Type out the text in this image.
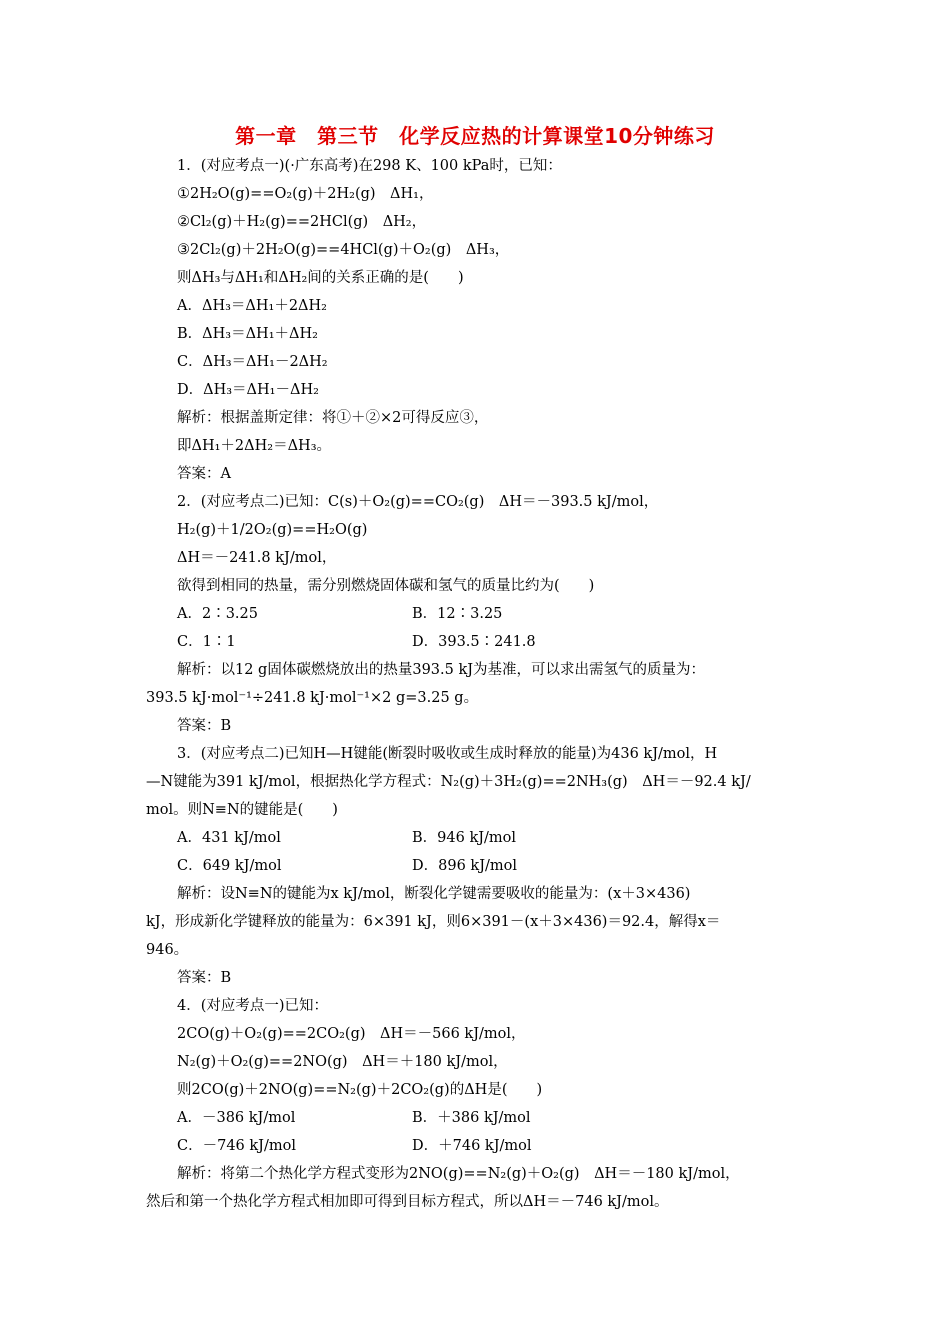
第一章　第三节　化学反应热的计算课堂10分钟练习
1．(对应考点一)(·广东高考)在298 K、100 kPa时，已知：
①2H₂O(g)==O₂(g)＋2H₂(g)　ΔH₁，
②Cl₂(g)＋H₂(g)==2HCl(g)　ΔH₂，
③2Cl₂(g)＋2H₂O(g)==4HCl(g)＋O₂(g)　ΔH₃，
则ΔH₃与ΔH₁和ΔH₂间的关系正确的是(　　)
A．ΔH₃＝ΔH₁＋2ΔH₂
B．ΔH₃＝ΔH₁＋ΔH₂
C．ΔH₃＝ΔH₁－2ΔH₂
D．ΔH₃＝ΔH₁－ΔH₂
解析：根据盖斯定律：将①＋②×2可得反应③，
即ΔH₁＋2ΔH₂＝ΔH₃。
答案：A
2．(对应考点二)已知：C(s)＋O₂(g)==CO₂(g)　ΔH＝－393.5 kJ/mol，
H₂(g)＋1/2O₂(g)==H₂O(g)
ΔH＝－241.8 kJ/mol，
欲得到相同的热量，需分别燃烧固体碳和氢气的质量比约为(　　)
A．2∶3.25	B．12∶3.25
C．1∶1	D．393.5∶241.8
解析：以12 g固体碳燃烧放出的热量393.5 kJ为基准，可以求出需氢气的质量为：
393.5 kJ·mol⁻¹÷241.8 kJ·mol⁻¹×2 g=3.25 g。
答案：B
3．(对应考点二)已知H—H键能(断裂时吸收或生成时释放的能量)为436 kJ/mol，H
—N键能为391 kJ/mol，根据热化学方程式：N₂(g)＋3H₂(g)==2NH₃(g)　ΔH＝－92.4 kJ/
mol。则N≡N的键能是(　　)
A．431 kJ/mol	B．946 kJ/mol
C．649 kJ/mol	D．896 kJ/mol
解析：设N≡N的键能为x kJ/mol，断裂化学键需要吸收的能量为：(x＋3×436)
kJ，形成新化学键释放的能量为：6×391 kJ，则6×391－(x＋3×436)＝92.4，解得x＝
946。
答案：B
4．(对应考点一)已知：
2CO(g)＋O₂(g)==2CO₂(g)　ΔH＝－566 kJ/mol，
N₂(g)＋O₂(g)==2NO(g)　ΔH＝＋180 kJ/mol，
则2CO(g)＋2NO(g)==N₂(g)＋2CO₂(g)的ΔH是(　　)
A．－386 kJ/mol	B．＋386 kJ/mol
C．－746 kJ/mol	D．＋746 kJ/mol
解析：将第二个热化学方程式变形为2NO(g)==N₂(g)＋O₂(g)　ΔH＝－180 kJ/mol，
然后和第一个热化学方程式相加即可得到目标方程式，所以ΔH＝－746 kJ/mol。
